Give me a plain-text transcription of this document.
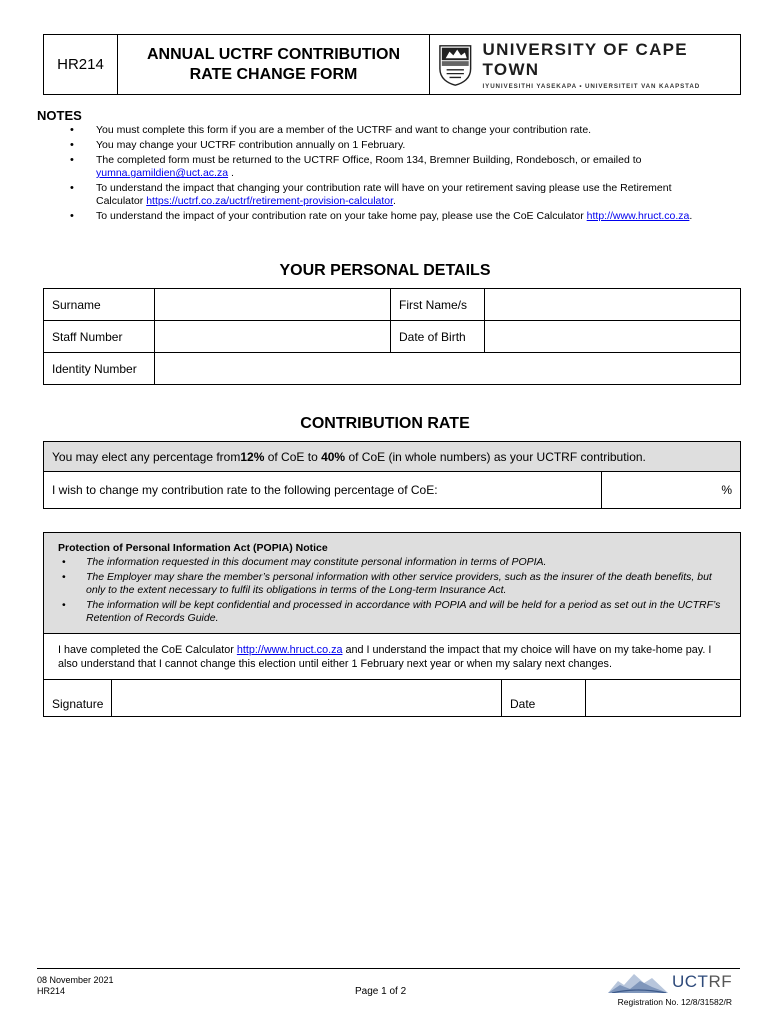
HR214
ANNUAL UCTRF CONTRIBUTION
RATE CHANGE FORM
UNIVERSITY OF CAPE TOWN
IYUNIVESITHI YASEKAPA • UNIVERSITEIT VAN KAAPSTAD
NOTES
• You must complete this form if you are a member of the UCTRF and want to change your contribution rate.
• You may change your UCTRF contribution annually on 1 February.
• The completed form must be returned to the UCTRF Office, Room 134, Bremner Building, Rondebosch, or emailed to yumna.gamildien@uct.ac.za .
• To understand the impact that changing your contribution rate will have on your retirement saving please use the Retirement Calculator https://uctrf.co.za/uctrf/retirement-provision-calculator.
• To understand the impact of your contribution rate on your take home pay, please use the CoE Calculator http://www.hruct.co.za.
YOUR PERSONAL DETAILS
Surname		First Name/s	
Staff Number		Date of Birth	
Identity Number			
CONTRIBUTION RATE
You may elect any percentage from 12% of CoE to 40% of CoE (in whole numbers) as your UCTRF contribution.
I wish to change my contribution rate to the following percentage of CoE:	%
Protection of Personal Information Act (POPIA) Notice
• The information requested in this document may constitute personal information in terms of POPIA.
• The Employer may share the member’s personal information with other service providers, such as the insurer of the death benefits, but only to the extent necessary to fulfil its obligations in terms of the Long-term Insurance Act.
• The information will be kept confidential and processed in accordance with POPIA and will be held for a period as set out in the UCTRF’s Retention of Records Guide.
I have completed the CoE Calculator http://www.hruct.co.za and I understand the impact that my choice will have on my take-home pay. I also understand that I cannot change this election until either 1 February next year or when my salary next changes.
Signature	Date
08 November 2021
HR214	Page 1 of 2
UCTRF
Registration No. 12/8/31582/R
